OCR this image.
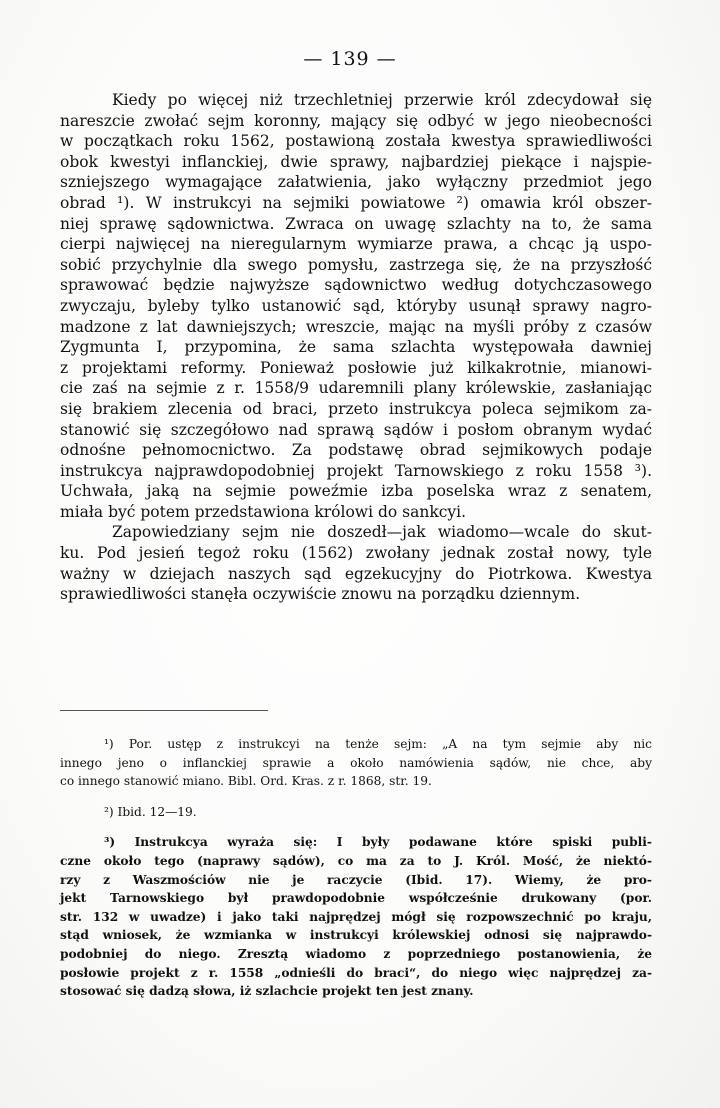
— 139 —
Kiedy po więcej niż trzechletniej przerwie król zdecydował się
nareszcie zwołać sejm koronny, mający się odbyć w jego nieobecności
w początkach roku 1562, postawioną została kwestya sprawiedliwości
obok kwestyi inflanckiej, dwie sprawy, najbardziej piekące i najspie-
szniejszego wymagające załatwienia, jako wyłączny przedmiot jego
obrad ¹). W instrukcyi na sejmiki powiatowe ²) omawia król obszer-
niej sprawę sądownictwa. Zwraca on uwagę szlachty na to, że sama
cierpi najwięcej na nieregularnym wymiarze prawa, a chcąc ją uspo-
sobić przychylnie dla swego pomysłu, zastrzega się, że na przyszłość
sprawować będzie najwyższe sądownictwo według dotychczasowego
zwyczaju, byleby tylko ustanowić sąd, któryby usunął sprawy nagro-
madzone z lat dawniejszych; wreszcie, mając na myśli próby z czasów
Zygmunta I, przypomina, że sama szlachta występowała dawniej
z projektami reformy. Ponieważ posłowie już kilkakrotnie, mianowi-
cie zaś na sejmie z r. 1558/9 udaremnili plany królewskie, zasłaniając
się brakiem zlecenia od braci, przeto instrukcya poleca sejmikom za-
stanowić się szczegółowo nad sprawą sądów i posłom obranym wydać
odnośne pełnomocnictwo. Za podstawę obrad sejmikowych podaje
instrukcya najprawdopodobniej projekt Tarnowskiego z roku 1558 ³).
Uchwała, jaką na sejmie poweźmie izba poselska wraz z senatem,
miała być potem przedstawiona królowi do sankcyi.
Zapowiedziany sejm nie doszedł—jak wiadomo—wcale do skut-
ku. Pod jesień tegoż roku (1562) zwołany jednak został nowy, tyle
ważny w dziejach naszych sąd egzekucyjny do Piotrkowa. Kwestya
sprawiedliwości stanęła oczywiście znowu na porządku dziennym.
¹) Por. ustęp z instrukcyi na tenże sejm: „A na tym sejmie aby nic
innego jeno o inflanckiej sprawie a około namówienia sądów, nie chce, aby
co innego stanowić miano. Bibl. Ord. Kras. z r. 1868, str. 19.
²) Ibid. 12—19.
³) Instrukcya wyraża się: I były podawane które spiski publi-
czne około tego (naprawy sądów), co ma za to J. Król. Mość, że niektó-
rzy z Waszmościów nie je raczycie (Ibid. 17). Wiemy, że pro-
jekt Tarnowskiego był prawdopodobnie współcześnie drukowany (por.
str. 132 w uwadze) i jako taki najprędzej mógł się rozpowszechnić po kraju,
stąd wniosek, że wzmianka w instrukcyi królewskiej odnosi się najprawdo-
podobniej do niego. Zresztą wiadomo z poprzedniego postanowienia, że
posłowie projekt z r. 1558 „odnieśli do braci“, do niego więc najprędzej za-
stosować się dadzą słowa, iż szlachcie projekt ten jest znany.
